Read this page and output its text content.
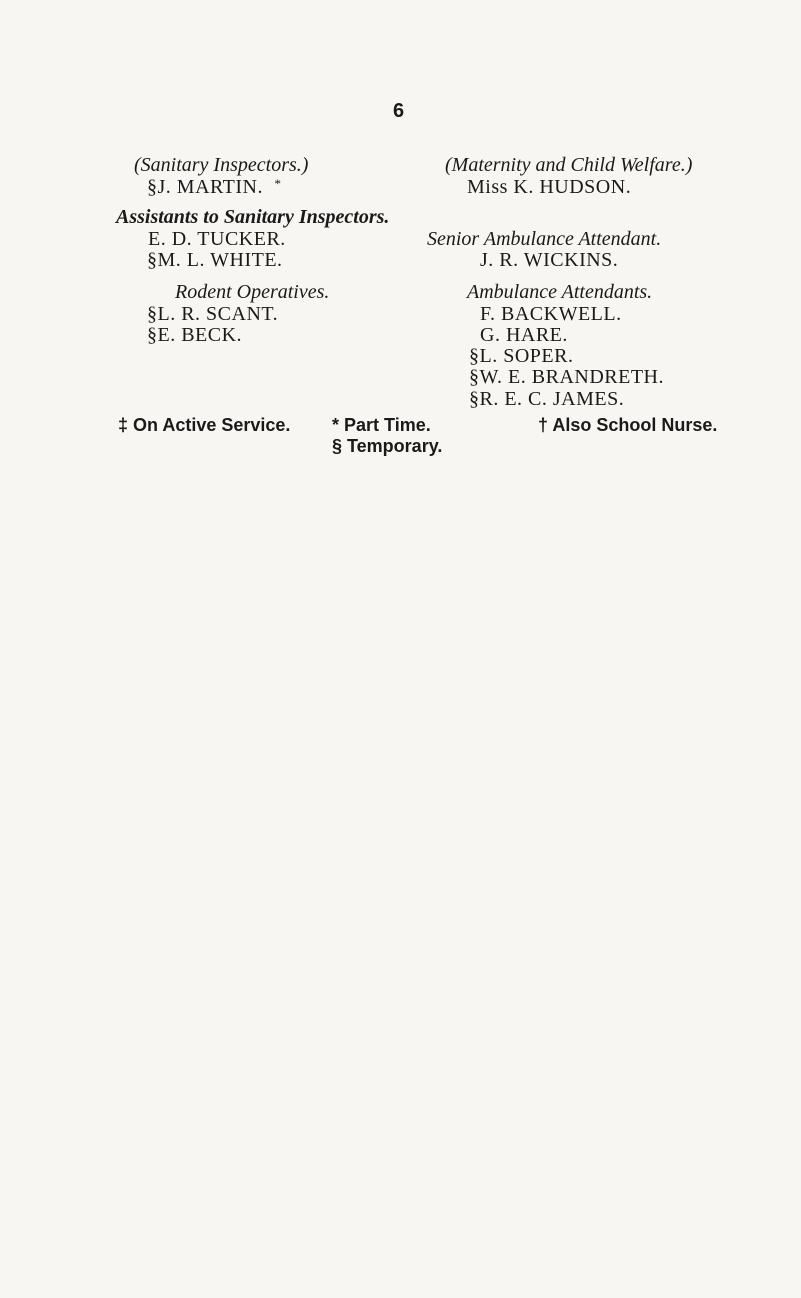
6
(Sanitary Inspectors.)
§J. MARTIN. *
Assistants to Sanitary Inspectors.
E. D. TUCKER.
§M. L. WHITE.
Rodent Operatives.
§L. R. SCANT.
§E. BECK.
(Maternity and Child Welfare.)
Miss K. HUDSON.
Senior Ambulance Attendant.
J. R. WICKINS.
Ambulance Attendants.
F. BACKWELL.
G. HARE.
§L. SOPER.
§W. E. BRANDRETH.
§R. E. C. JAMES.
‡ On Active Service. * Part Time.	† Also School Nurse.
§ Temporary.
